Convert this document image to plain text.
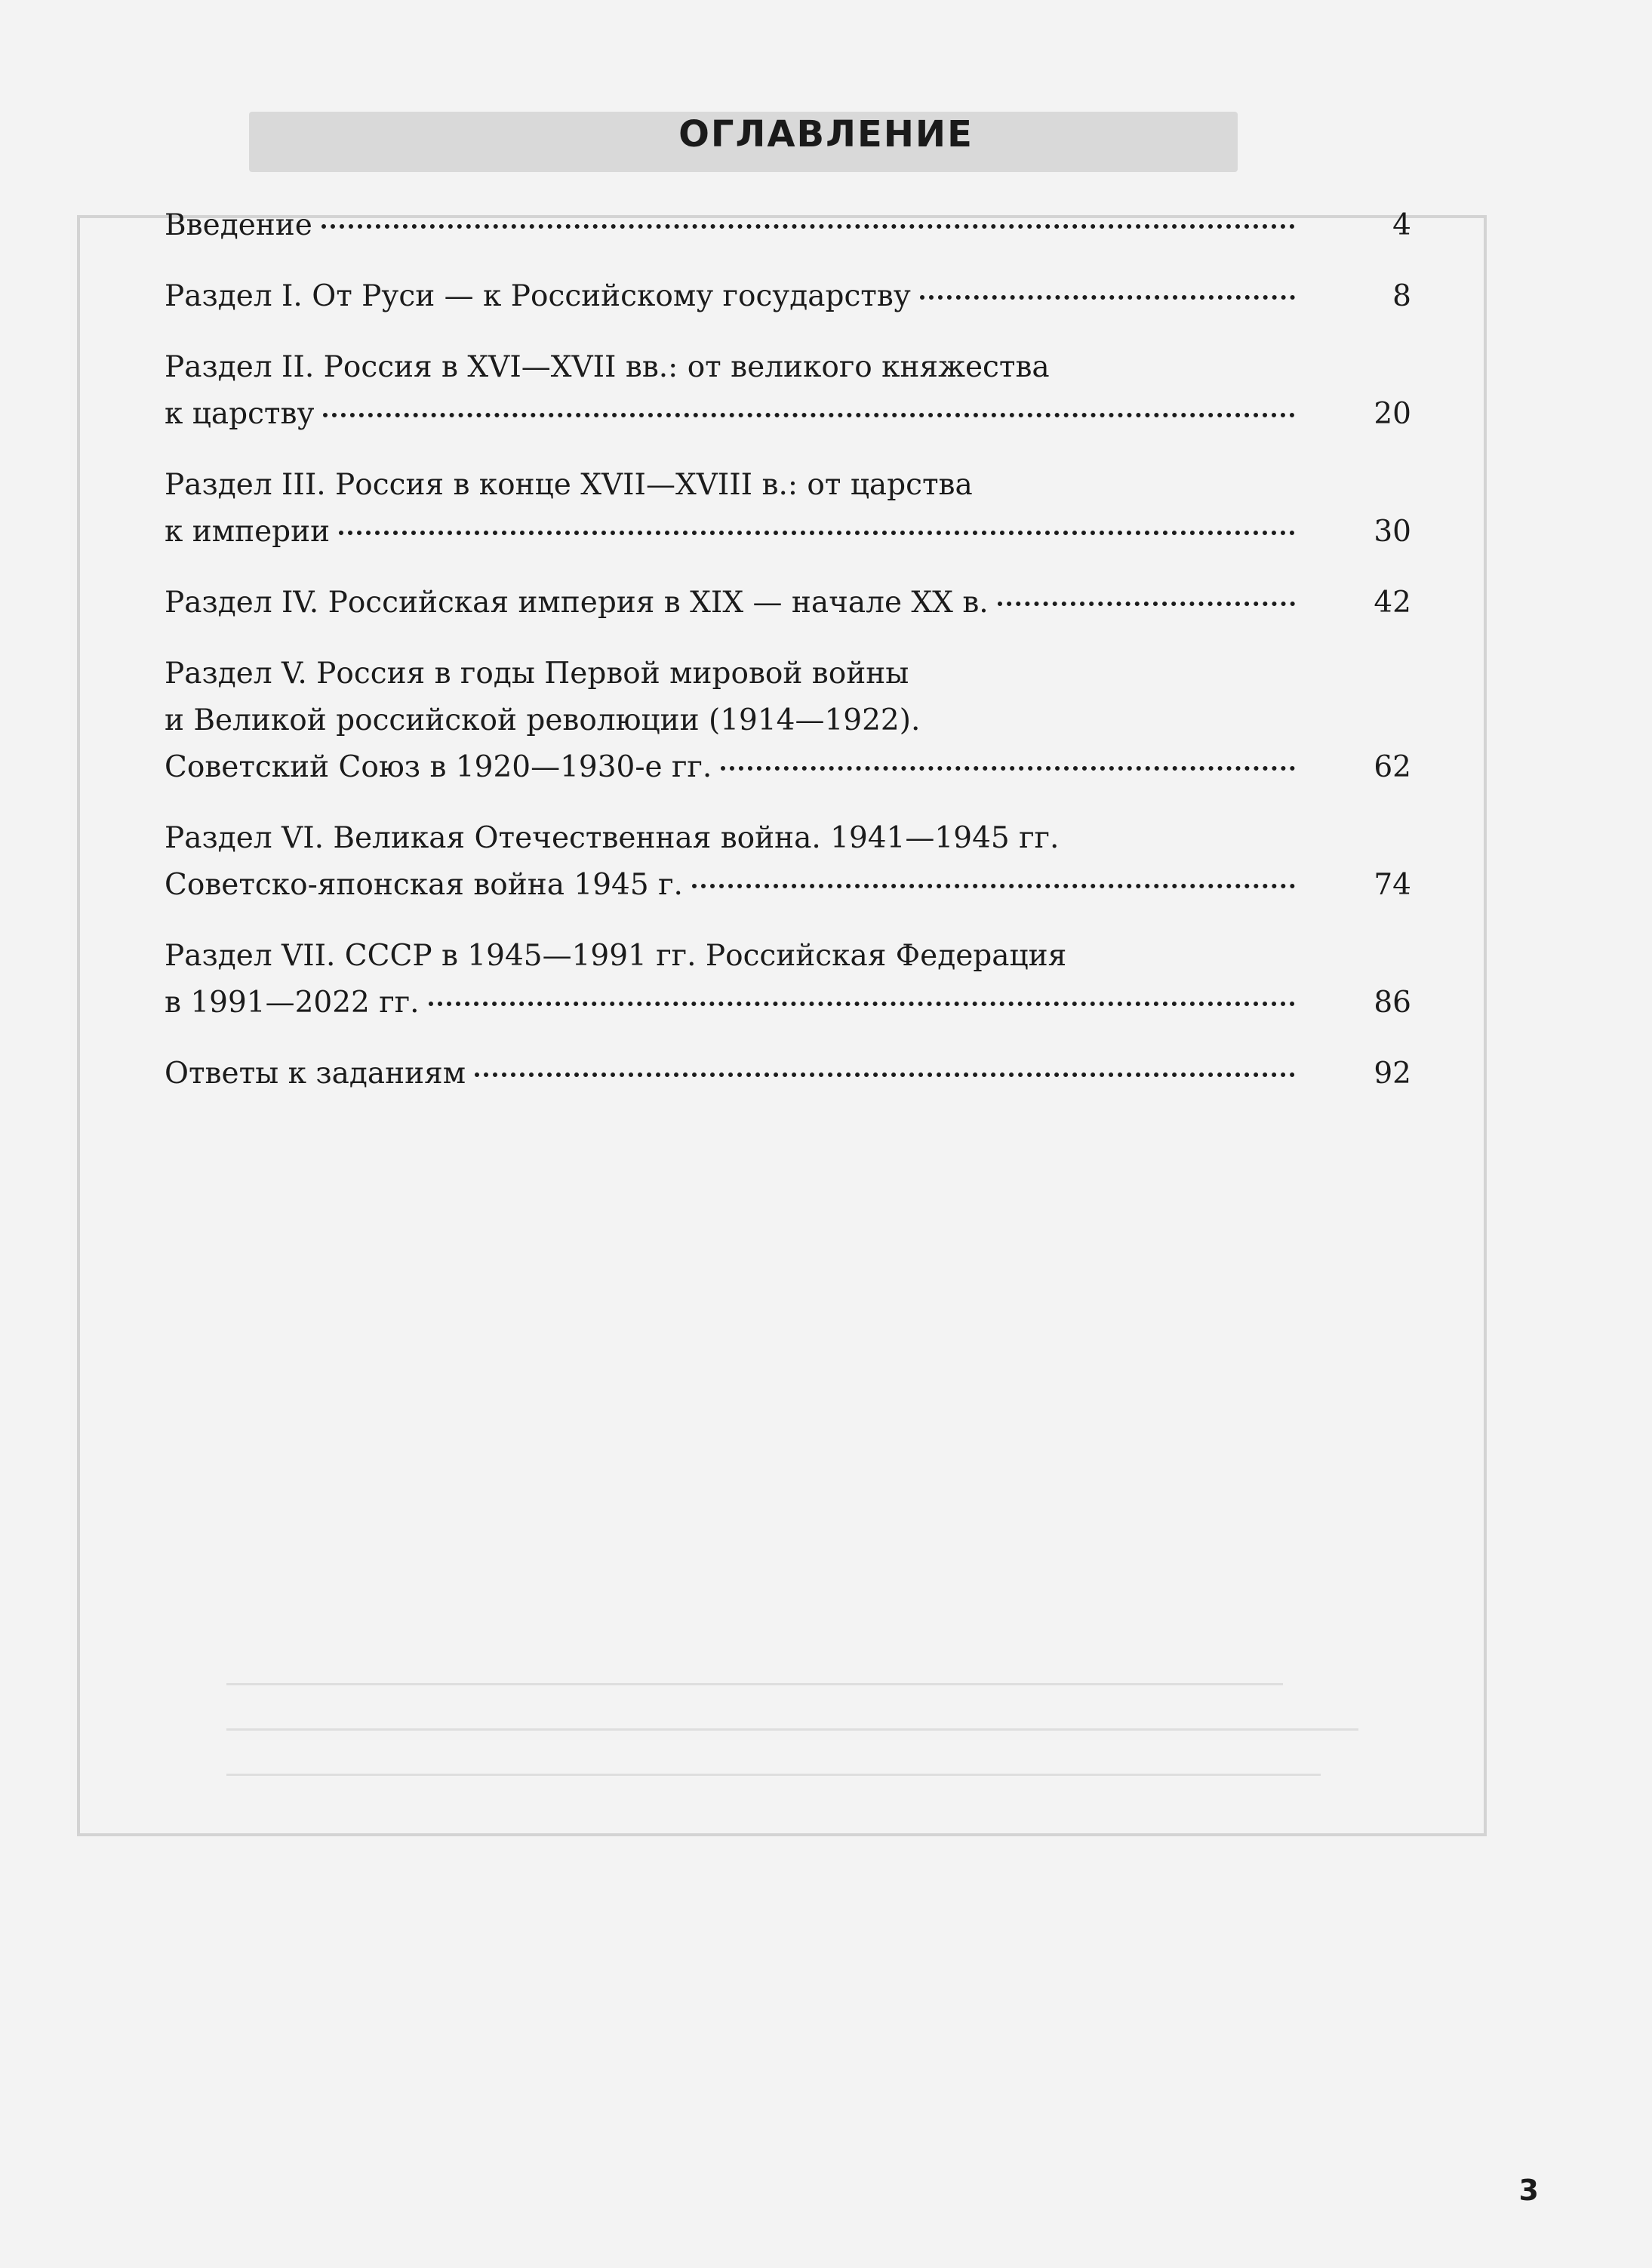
ОГЛАВЛЕНИЕ
Введение	4
Раздел I. От Руси — к Российскому государству	8
Раздел II. Россия в XVI—XVII вв.: от великого княжества
к царству	20
Раздел III. Россия в конце XVII—XVIII в.: от царства
к империи	30
Раздел IV. Российская империя в XIX — начале XX в.	42
Раздел V. Россия в годы Первой мировой войны
и Великой российской революции (1914—1922).
Советский Союз в 1920—1930-е гг.	62
Раздел VI. Великая Отечественная война. 1941—1945 гг.
Советско-японская война 1945 г.	74
Раздел VII. СССР в 1945—1991 гг. Российская Федерация
в 1991—2022 гг.	86
Ответы к заданиям	92
3
